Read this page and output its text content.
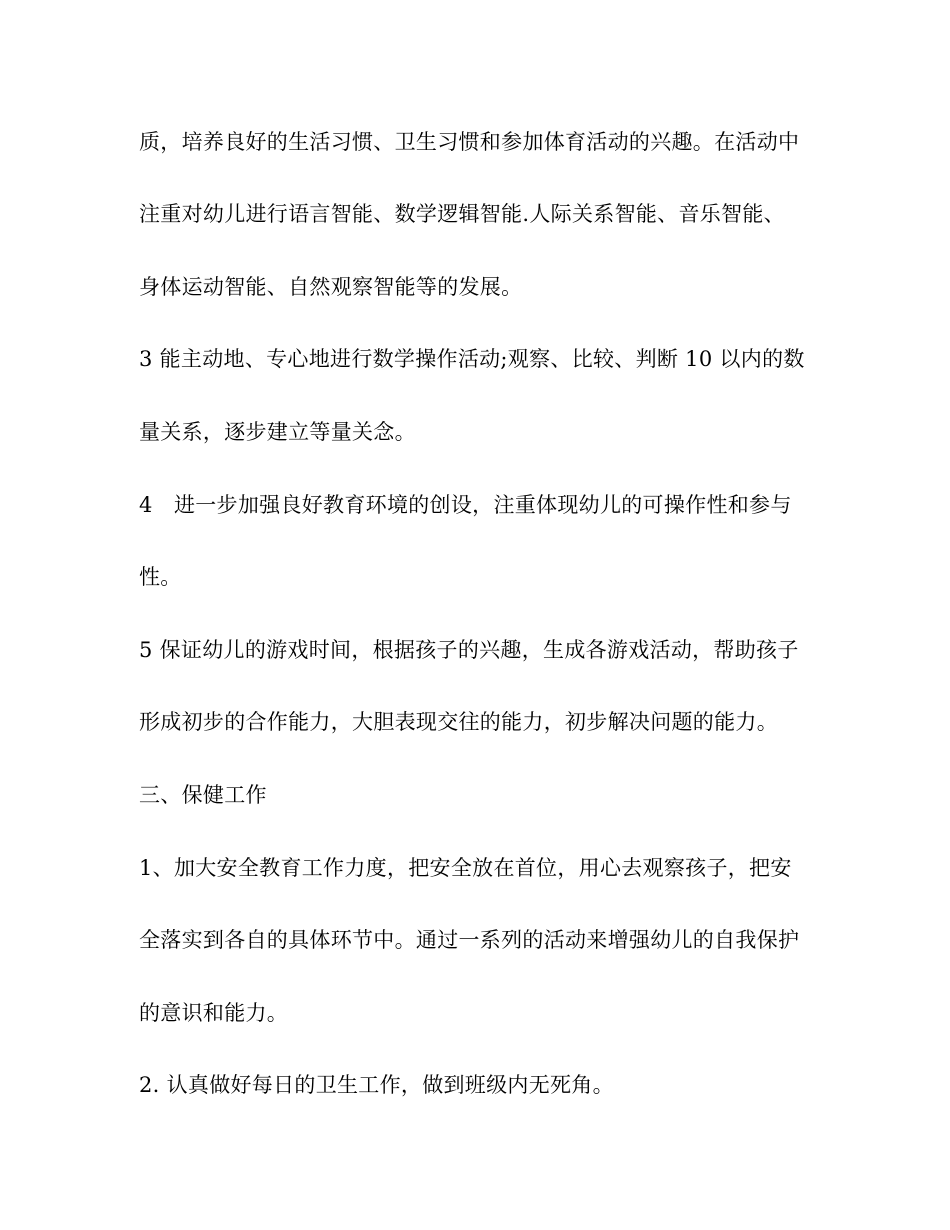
质，培养良好的生活习惯、卫生习惯和参加体育活动的兴趣。在活动中
注重对幼儿进行语言智能、数学逻辑智能.人际关系智能、音乐智能、
身体运动智能、自然观察智能等的发展。
3 能主动地、专心地进行数学操作活动;观察、比较、判断 10 以内的数
量关系，逐步建立等量关念。
4　进一步加强良好教育环境的创设，注重体现幼儿的可操作性和参与
性。
5 保证幼儿的游戏时间，根据孩子的兴趣，生成各游戏活动，帮助孩子
形成初步的合作能力，大胆表现交往的能力，初步解决问题的能力。
三、保健工作
1、加大安全教育工作力度，把安全放在首位，用心去观察孩子，把安
全落实到各自的具体环节中。通过一系列的活动来增强幼儿的自我保护
的意识和能力。
2. 认真做好每日的卫生工作，做到班级内无死角。
